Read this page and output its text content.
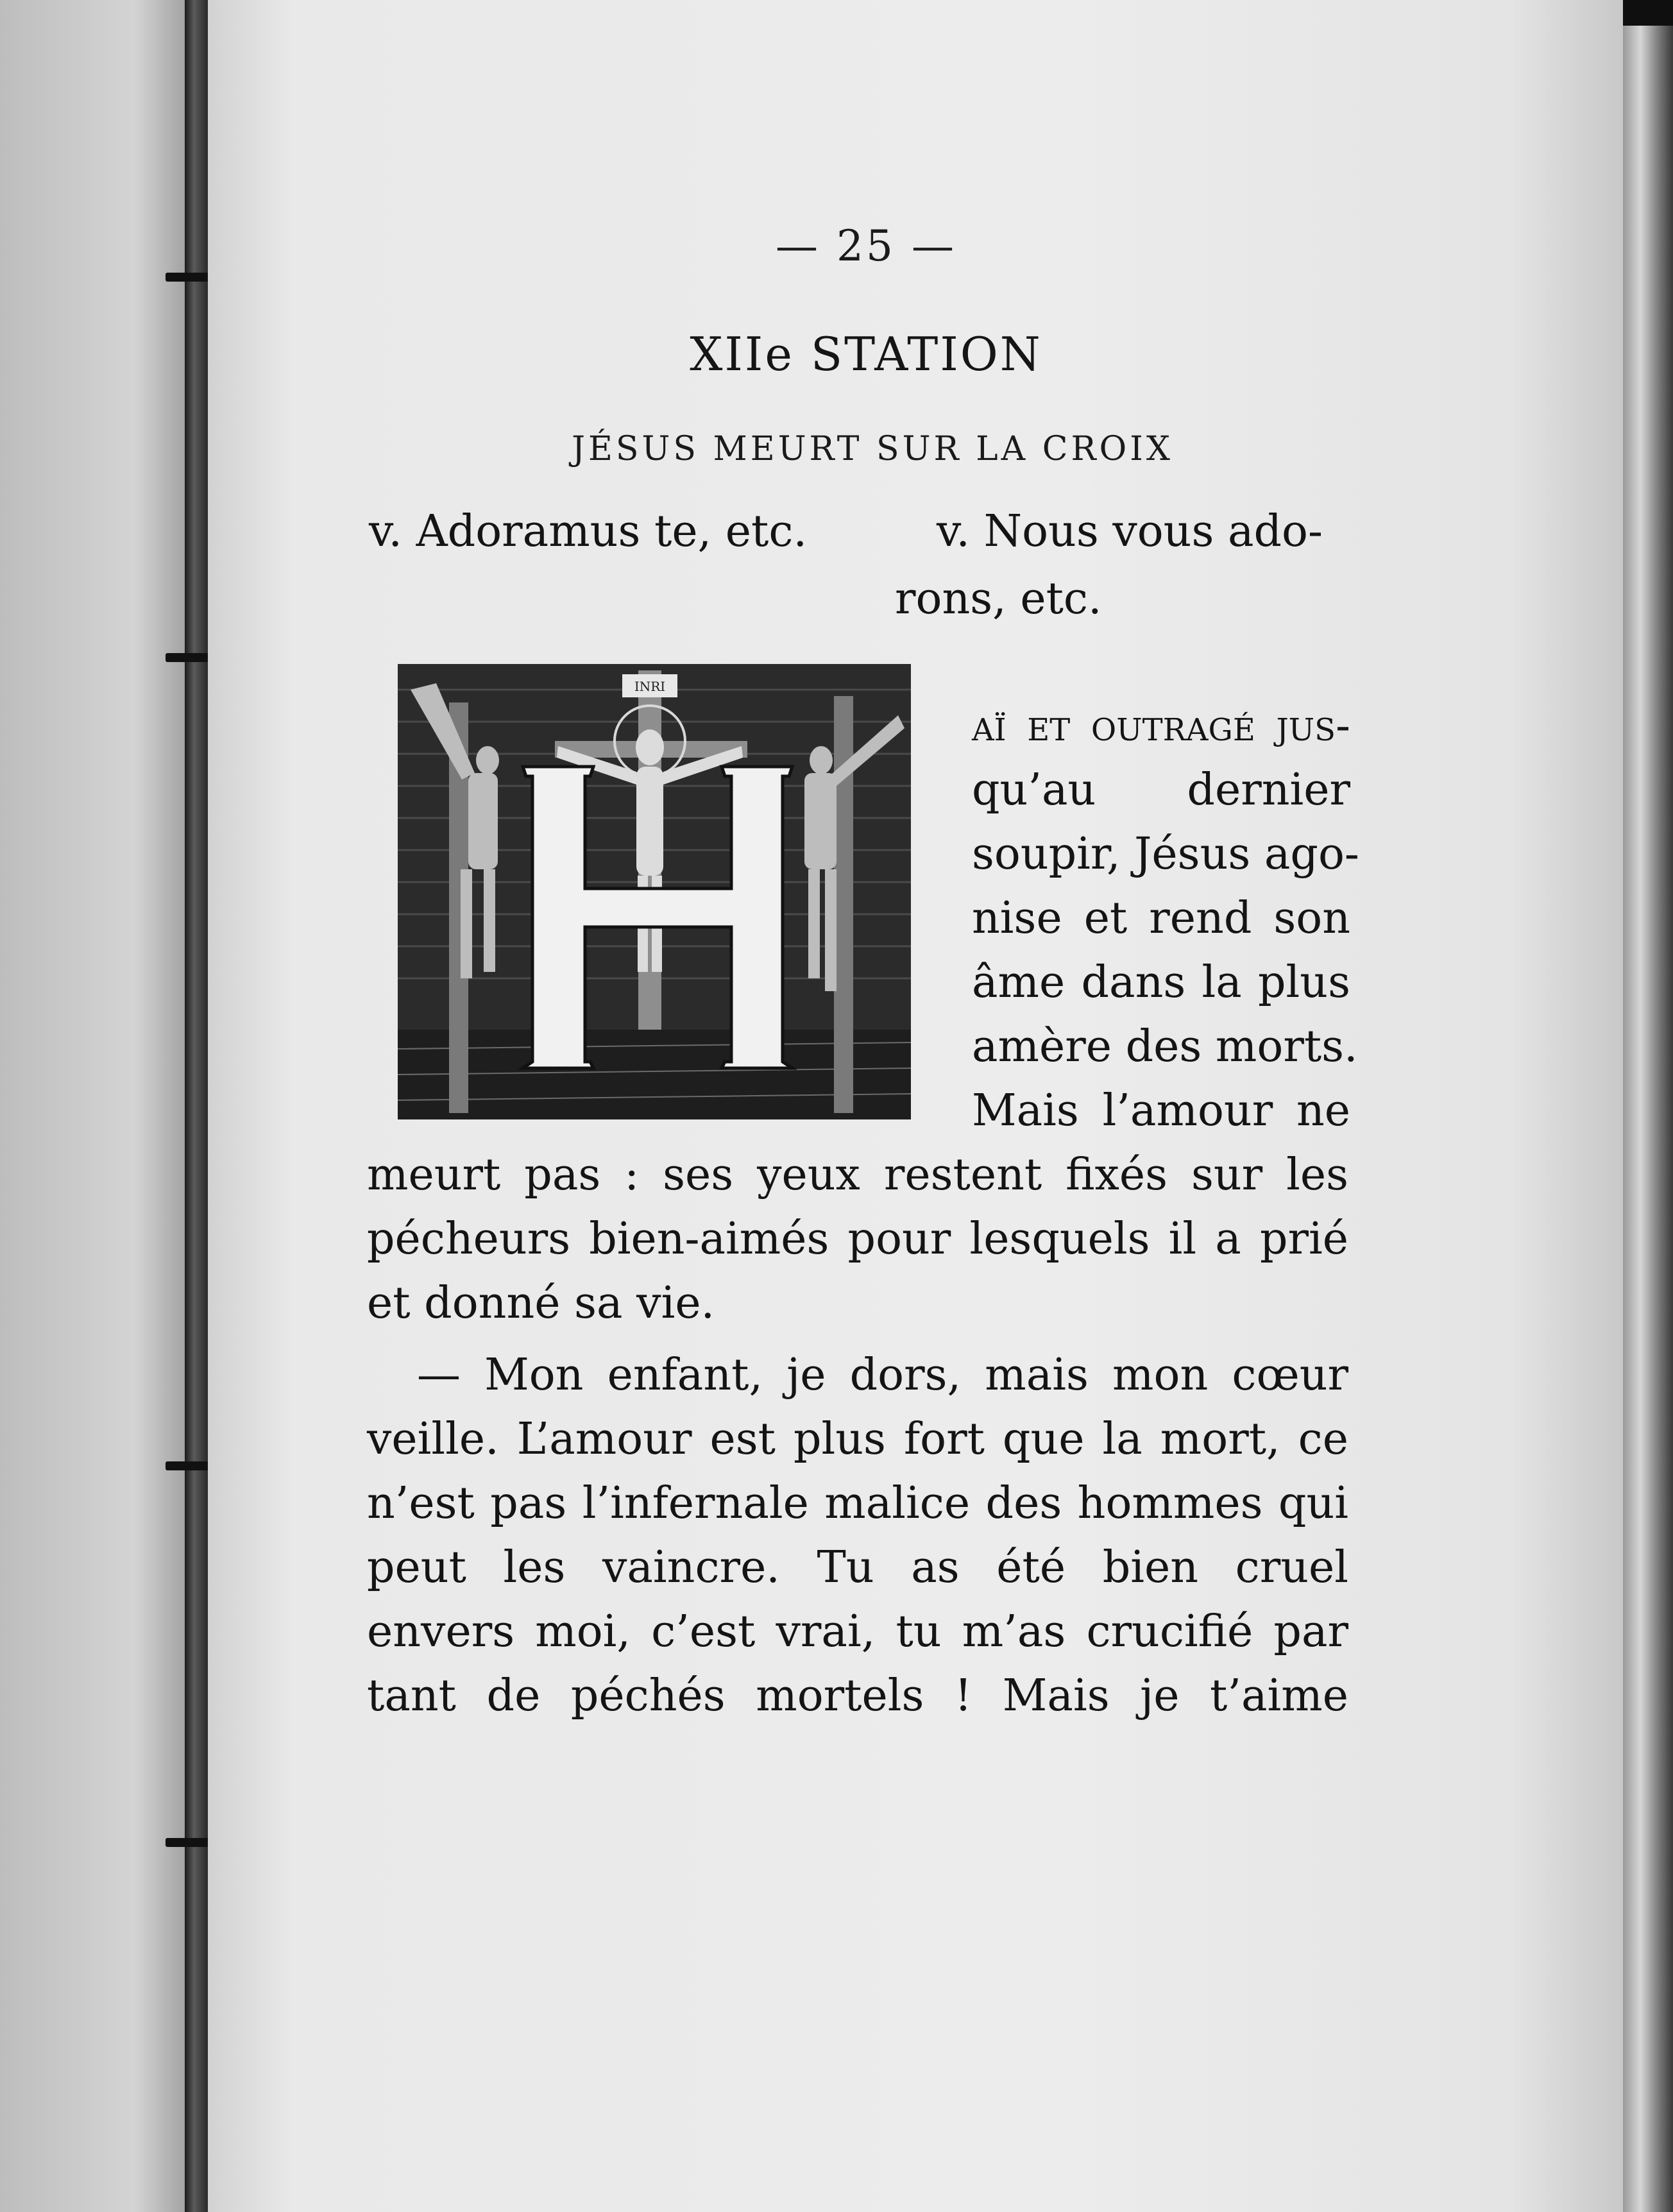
— 25 —
XIIe STATION
JÉSUS MEURT SUR LA CROIX
v. Adoramus te, etc.	v. Nous vous ado-
rons, etc.
INRI
aï et outragé jus-
qu’au dernier
soupir, Jésus ago-
nise et rend son
âme dans la plus
amère des morts.
Mais l’amour ne
meurt pas : ses yeux restent fixés sur les
pécheurs bien-aimés pour lesquels il a prié
et donné sa vie.
— Mon enfant, je dors, mais mon cœur
veille. L’amour est plus fort que la mort, ce
n’est pas l’infernale malice des hommes qui
peut les vaincre. Tu as été bien cruel
envers moi, c’est vrai, tu m’as crucifié par
tant de péchés mortels ! Mais je t’aime
